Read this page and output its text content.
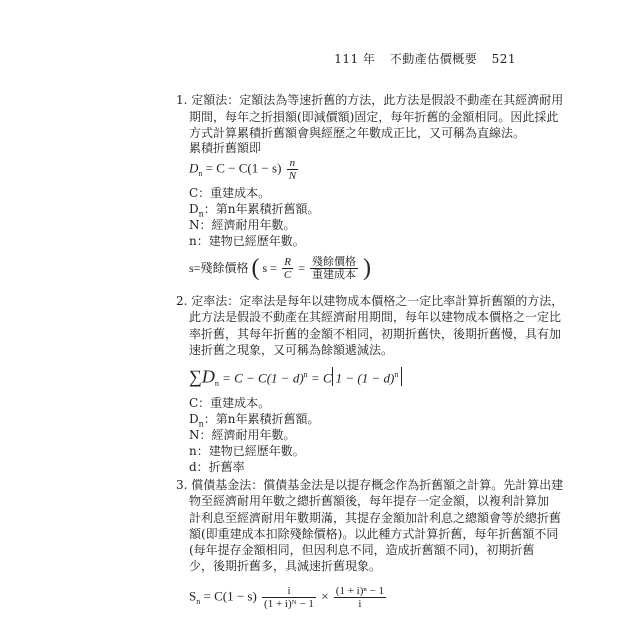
111 年 不動產估價概要 521
1. 定額法：定額法為等速折舊的方法，此方法是假設不動產在其經濟耐用
期間，每年之折損額(即減價額)固定，每年折舊的金額相同。因此採此
方式計算累積折舊額會與經歷之年數成正比，又可稱為直線法。
累積折舊額即
$D_n = C - C(1 - s) \frac{n}{N}$
C：重建成本。
$D_n$：第n年累積折舊額。
N：經濟耐用年數。
n：建物已經歷年數。
s=殘餘價格 ( $s = \frac{R}{C} = \frac{\text{殘餘價格}}{\text{重建成本}}$ )
2. 定率法：定率法是每年以建物成本價格之一定比率計算折舊額的方法，
此方法是假設不動產在其經濟耐用期間，每年以建物成本價格之一定比
率折舊，其每年折舊的金額不相同，初期折舊快，後期折舊慢，具有加
速折舊之現象，又可稱為餘額遞減法。
$\sum D_n = C - C(1 - d)^n = C$ $1 - (1 - d)^n$
C：重建成本。
$D_n$：第n年累積折舊額。
N：經濟耐用年數。
n：建物已經歷年數。
d：折舊率
3. 償債基金法：償債基金法是以提存概念作為折舊額之計算。先計算出建
物至經濟耐用年數之總折舊額後，每年提存一定金額，以複利計算加
計利息至經濟耐用年數期滿，其提存金額加計利息之總額會等於總折舊
額(即重建成本扣除殘餘價格)。以此種方式計算折舊，每年折舊額不同
(每年提存金額相同，但因利息不同，造成折舊額不同)，初期折舊
少，後期折舊多，具減速折舊現象。
$S_n = C(1 - s) \frac{i}{\text{(1 + i)ᴺ − 1}} \times \frac{\text{(1 + i)ⁿ − 1}}{i}$
